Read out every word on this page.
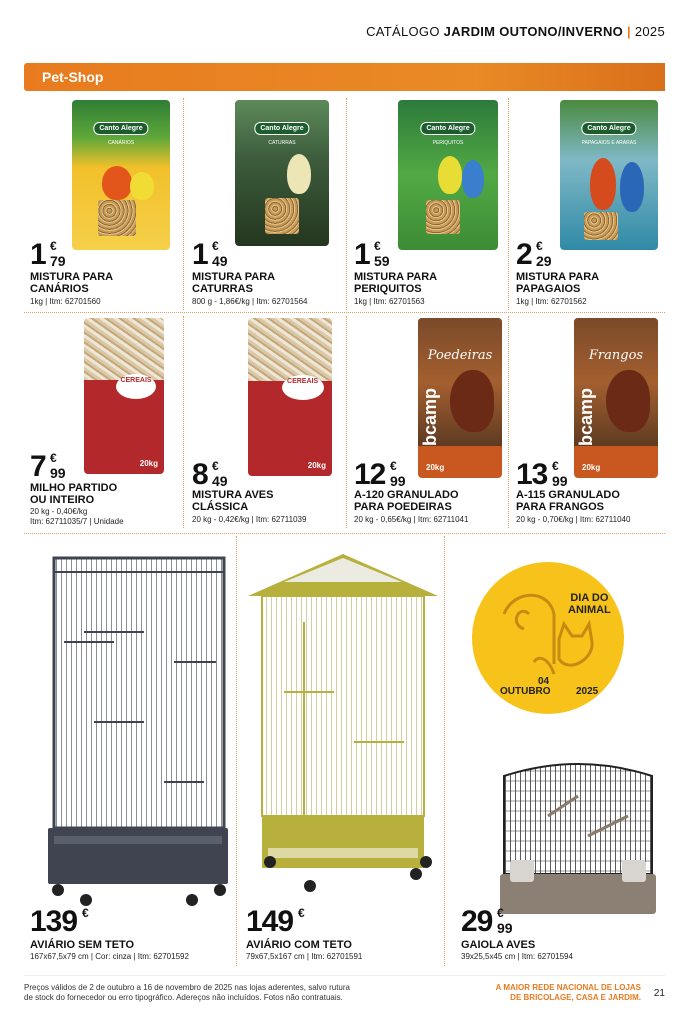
CATÁLOGO JARDIM OUTONO/INVERNO | 2025
Pet-Shop
Canto Alegre
CANÁRIOS
Canto Alegre
CATURRAS
Canto Alegre
PERIQUITOS
Canto Alegre
PAPAGAIOS E ARARAS
1 €
79	1 €
49	1 €
59	2 €
29
MISTURA PARA
CANÁRIOS
MISTURA PARA
CATURRAS
MISTURA PARA
PERIQUITOS
MISTURA PARA
PAPAGAIOS
1kg | Itm: 62701560	800 g - 1,86€/kg | Itm: 62701564	1kg | Itm: 62701563	1kg | Itm: 62701562
CEREAIS
20kg
CEREAIS
20kg
Poedeiras
bcamp
20kg
Frangos
bcamp
20kg
7 €
99	8 €
49	12 €
99	13 €
99
MILHO PARTIDO
OU INTEIRO	MISTURA AVES
CLÁSSICA
A-120 GRANULADO
PARA POEDEIRAS
A-115 GRANULADO
PARA FRANGOS
20 kg - 0,40€/kg
Itm: 62711035/7 | Unidade	20 kg - 0,42€/kg | Itm: 62711039	20 kg - 0,65€/kg | Itm: 62711041	20 kg - 0,70€/kg | Itm: 62711040
DIA DO
ANIMAL
04
OUTUBRO	2025
139 €	149 €	29 €
99
AVIÁRIO SEM TETO	AVIÁRIO COM TETO	GAIOLA AVES
167x67,5x79 cm | Cor: cinza | Itm: 62701592	79x67,5x167 cm | Itm: 62701591	39x25,5x45 cm | Itm: 62701594
Preços válidos de 2 de outubro a 16 de novembro de 2025 nas lojas aderentes, salvo rutura
de stock do fornecedor ou erro tipográfico. Adereços não incluídos. Fotos não contratuais.
A MAIOR REDE NACIONAL DE LOJAS
DE BRICOLAGE, CASA E JARDIM. 21
